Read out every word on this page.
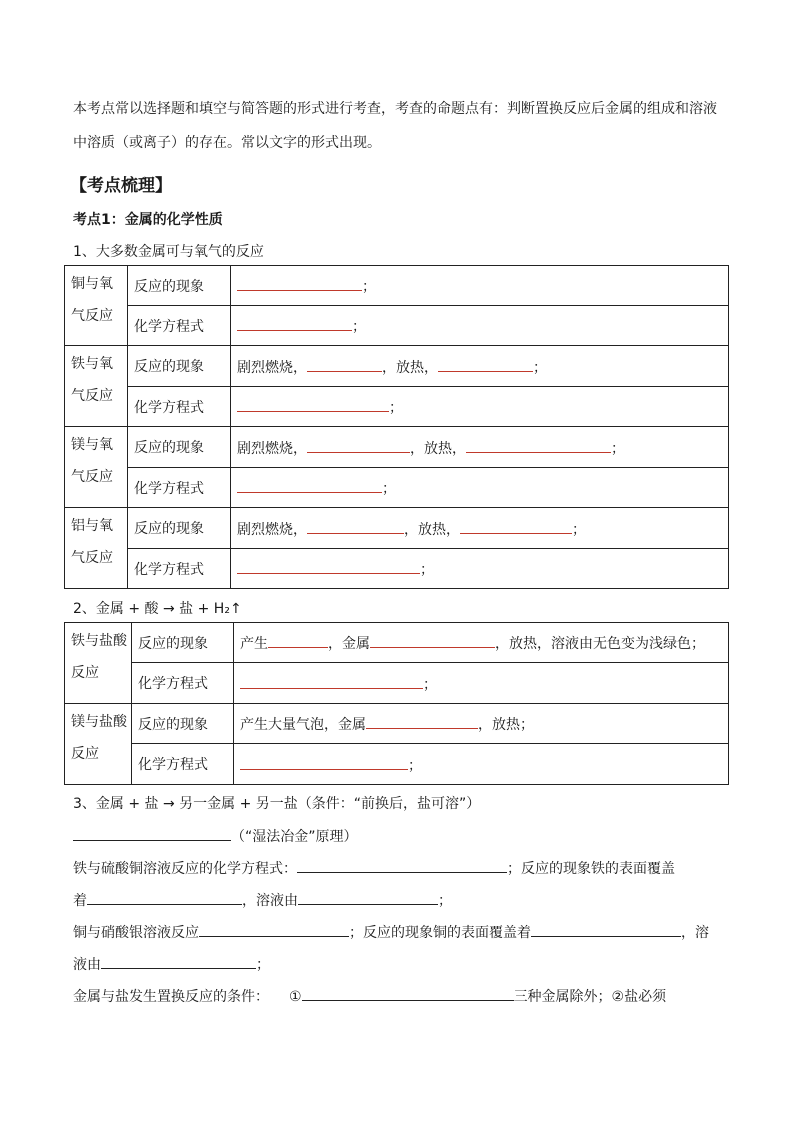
本考点常以选择题和填空与简答题的形式进行考查，考查的命题点有：判断置换反应后金属的组成和溶液

中溶质（或离子）的存在。常以文字的形式出现。

【考点梳理】
考点1：金属的化学性质
1、大多数金属可与氧气的反应
铜与氧气反应	反应的现象	；
	化学方程式	；
铁与氧气反应	反应的现象	剧烈燃烧， ，放热， ；
	化学方程式	；
镁与氧气反应	反应的现象	剧烈燃烧， ，放热， ；
	化学方程式	；
铝与氧气反应	反应的现象	剧烈燃烧， ，放热， ；
	化学方程式	；
2、金属 + 酸 → 盐 + H₂↑
铁与盐酸反应	反应的现象	产生 ，金属 ，放热，溶液由无色变为浅绿色；
	化学方程式	；
镁与盐酸反应	反应的现象	产生大量气泡，金属 ，放热；
	化学方程式	；
3、金属 + 盐 → 另一金属 + 另一盐（条件：“前换后，盐可溶”）
（“湿法冶金”原理）
铁与硫酸铜溶液反应的化学方程式：	；反应的现象铁的表面覆盖
着	，溶液由	；
铜与硝酸银溶液反应	；反应的现象铜的表面覆盖着	，溶
液由	；
金属与盐发生置换反应的条件： ①	三种金属除外；②盐必须
